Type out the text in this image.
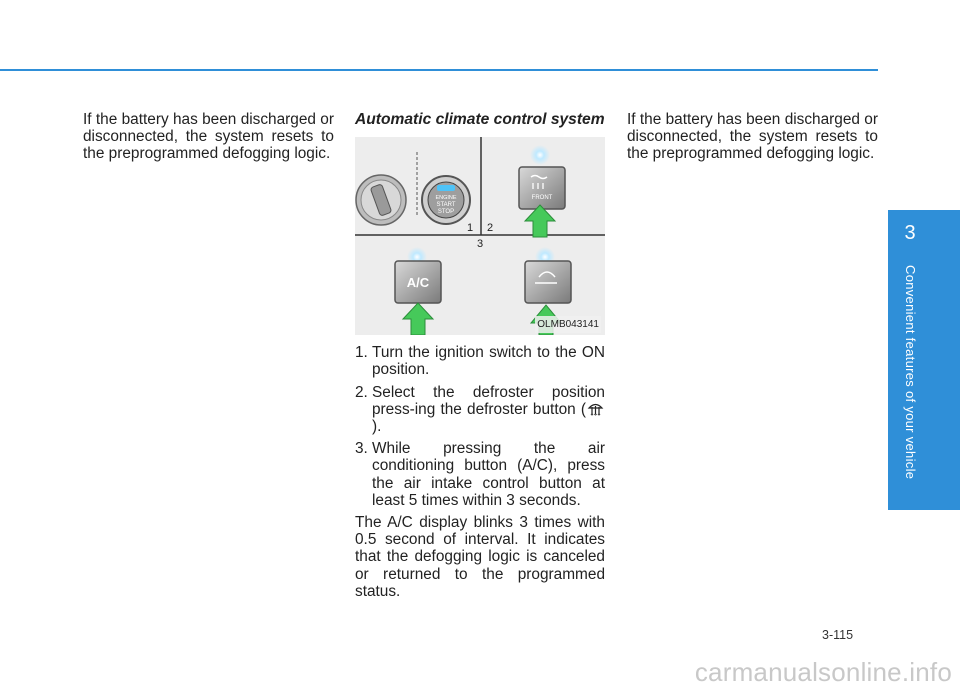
If the battery has been discharged or disconnected, the system resets to the preprogrammed defogging logic.
Automatic climate control system
ENGINE
START
STOP
FRONT
1 2
3
A/C
OLMB043141
1. Turn the ignition switch to the ON position.
2. Select the defroster position press-ing the defroster button ().
3. While pressing the air conditioning button (A/C), press the air intake control button at least 5 times within 3 seconds.
The A/C display blinks 3 times with 0.5 second of interval. It indicates that the defogging logic is canceled or returned to the programmed status.
If the battery has been discharged or disconnected, the system resets to the preprogrammed defogging logic.
3
Convenient features of your vehicle
3-115
carmanualsonline.info
